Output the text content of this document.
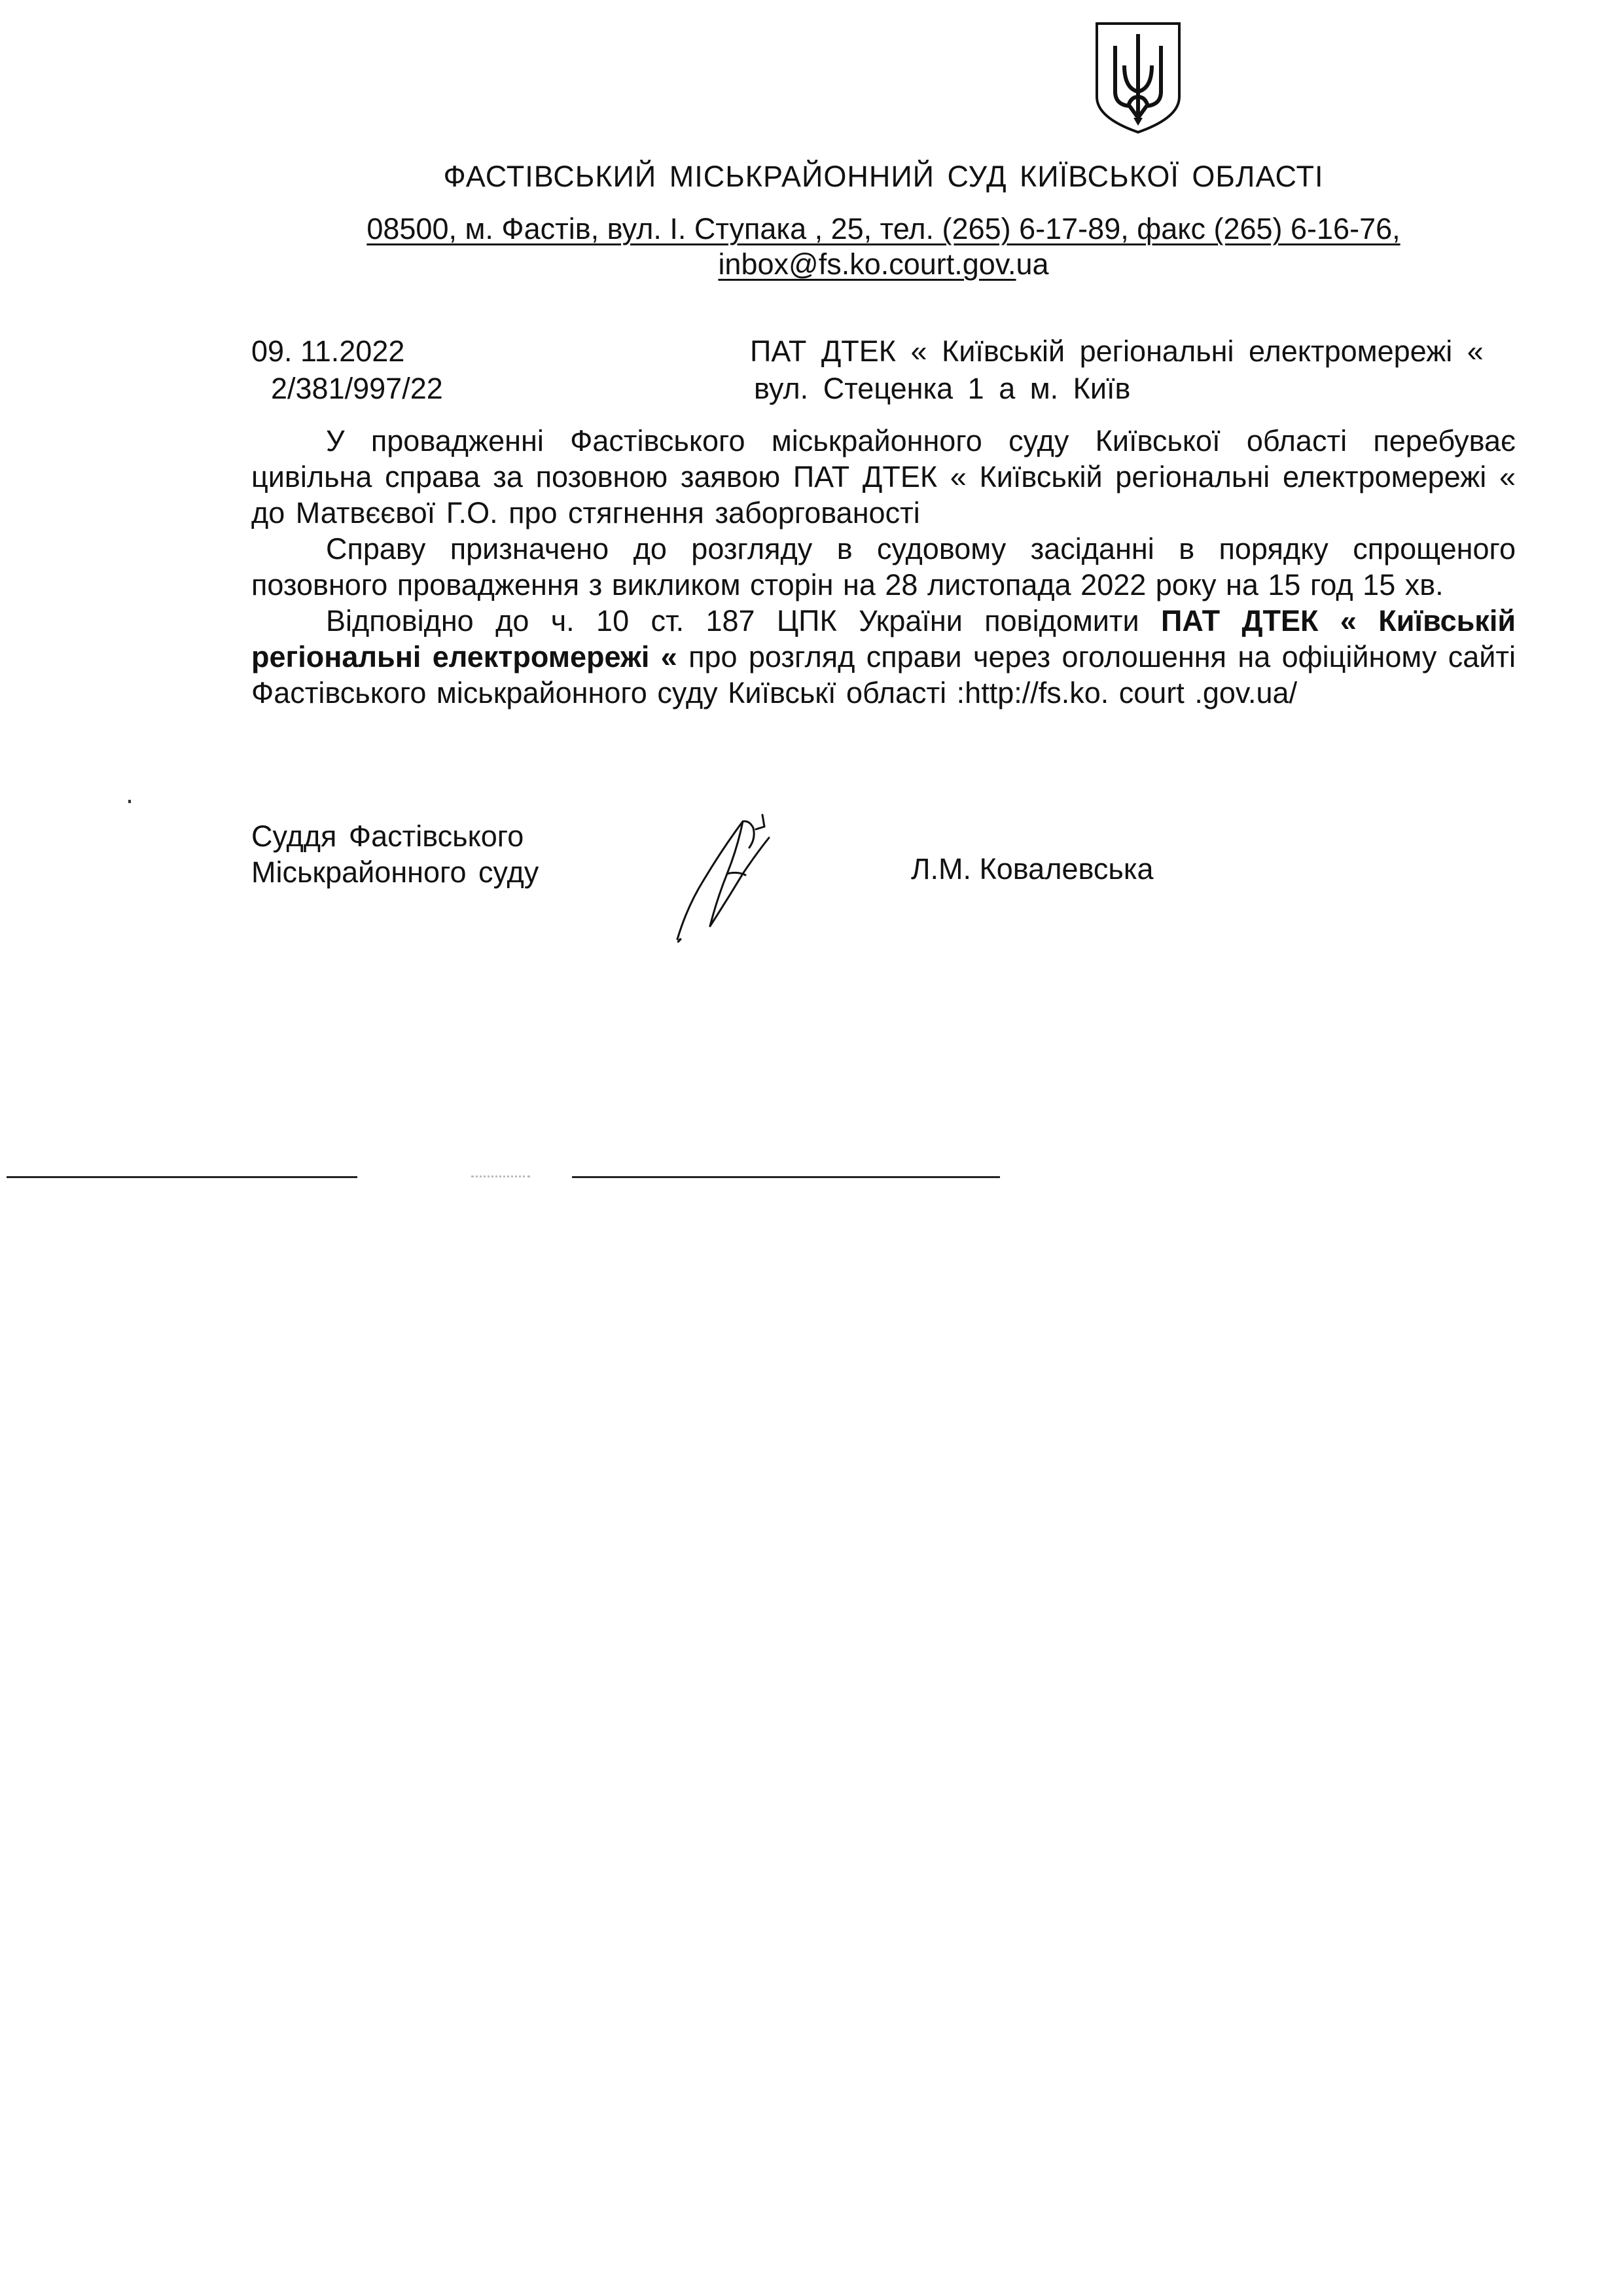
ФАСТІВСЬКИЙ МІСЬКРАЙОННИЙ СУД КИЇВСЬКОЇ ОБЛАСТІ
08500, м. Фастів, вул. І. Ступака , 25, тел. (265) 6-17-89, факс (265) 6-16-76,
inbox@fs.ko.court.gov.ua
09. 11.2022
2/381/997/22
ПАТ ДТЕК « Київській регіональні електромережі «
вул. Стеценка 1 а м. Київ

У провадженні Фастівського міськрайонного суду Київської області перебуває цивільна справа за позовною заявою ПАТ ДТЕК « Київській регіональні електромережі « до Матвєєвої Г.О. про стягнення заборгованості

Справу призначено до розгляду в судовому засіданні в порядку спрощеного позовного провадження з викликом сторін на 28 листопада 2022 року на 15 год 15 хв.

Відповідно до ч. 10 ст. 187 ЦПК України повідомити ПАТ ДТЕК « Київській регіональні електромережі « про розгляд справи через оголошення на офіційному сайті Фастівського міськрайонного суду Київськї області :http://fs.ko. court .gov.ua/

Суддя Фастівського
Міськрайонного суду	Л.М. Ковалевська
